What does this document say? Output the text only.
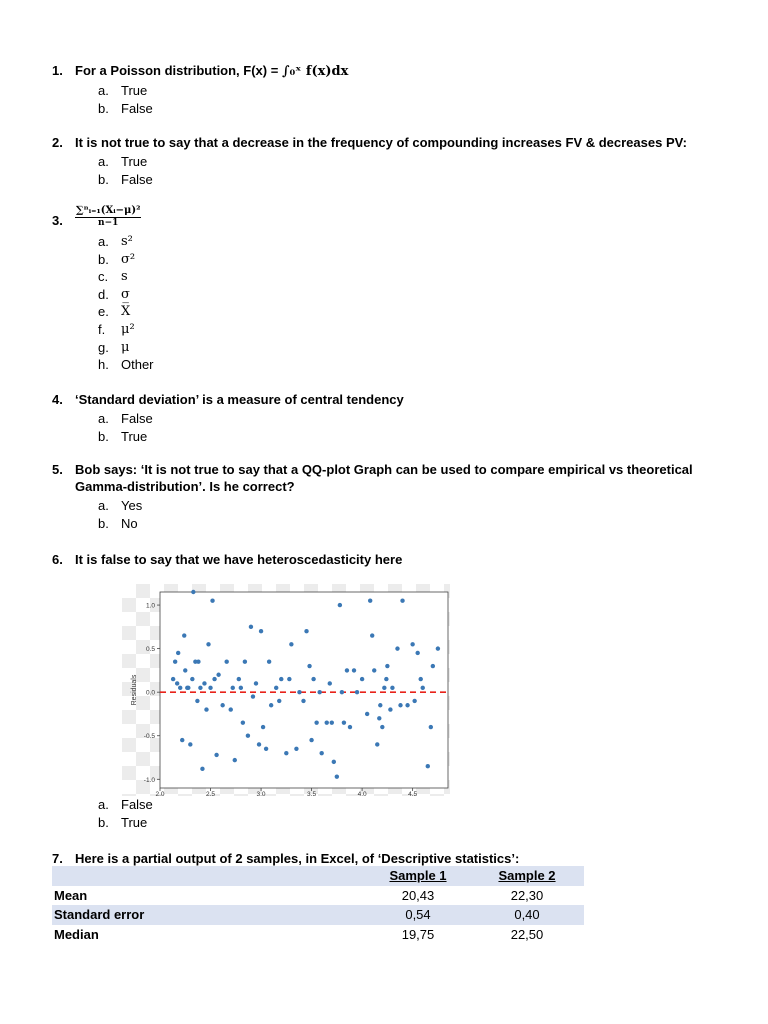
1. For a Poisson distribution, F(x) = ∫₀ˣ f(x)dx
a. True
b. False
2. It is not true to say that a decrease in the frequency of compounding increases FV & decreases PV:
a. True
b. False
3.	$\frac{\text{∑ⁿᵢ₌₁(Xᵢ−μ)²}}{n-1}$
a. s²
b. σ²
c. s
d. σ
e. X̅
f.	μ²
g. μ
h. Other
4. ‘Standard deviation’ is a measure of central tendency
a. False
b. True
5. Bob says: ‘It is not true to say that a QQ-plot Graph can be used to compare empirical vs theoretical Gamma-distribution’. Is he correct?
a. Yes
b. No
6. It is false to say that we have heteroscedasticity here
-1.0
-0.5
0.0
0.5
1.0
2.0	2.5	3.0	3.5	4.0	4.5
Residuals
a. False
b. True
7. Here is a partial output of 2 samples, in Excel, of ‘Descriptive statistics’:
	Sample 1	Sample 2
Mean	20,43	22,30
Standard error	0,54	0,40
Median	19,75	22,50
